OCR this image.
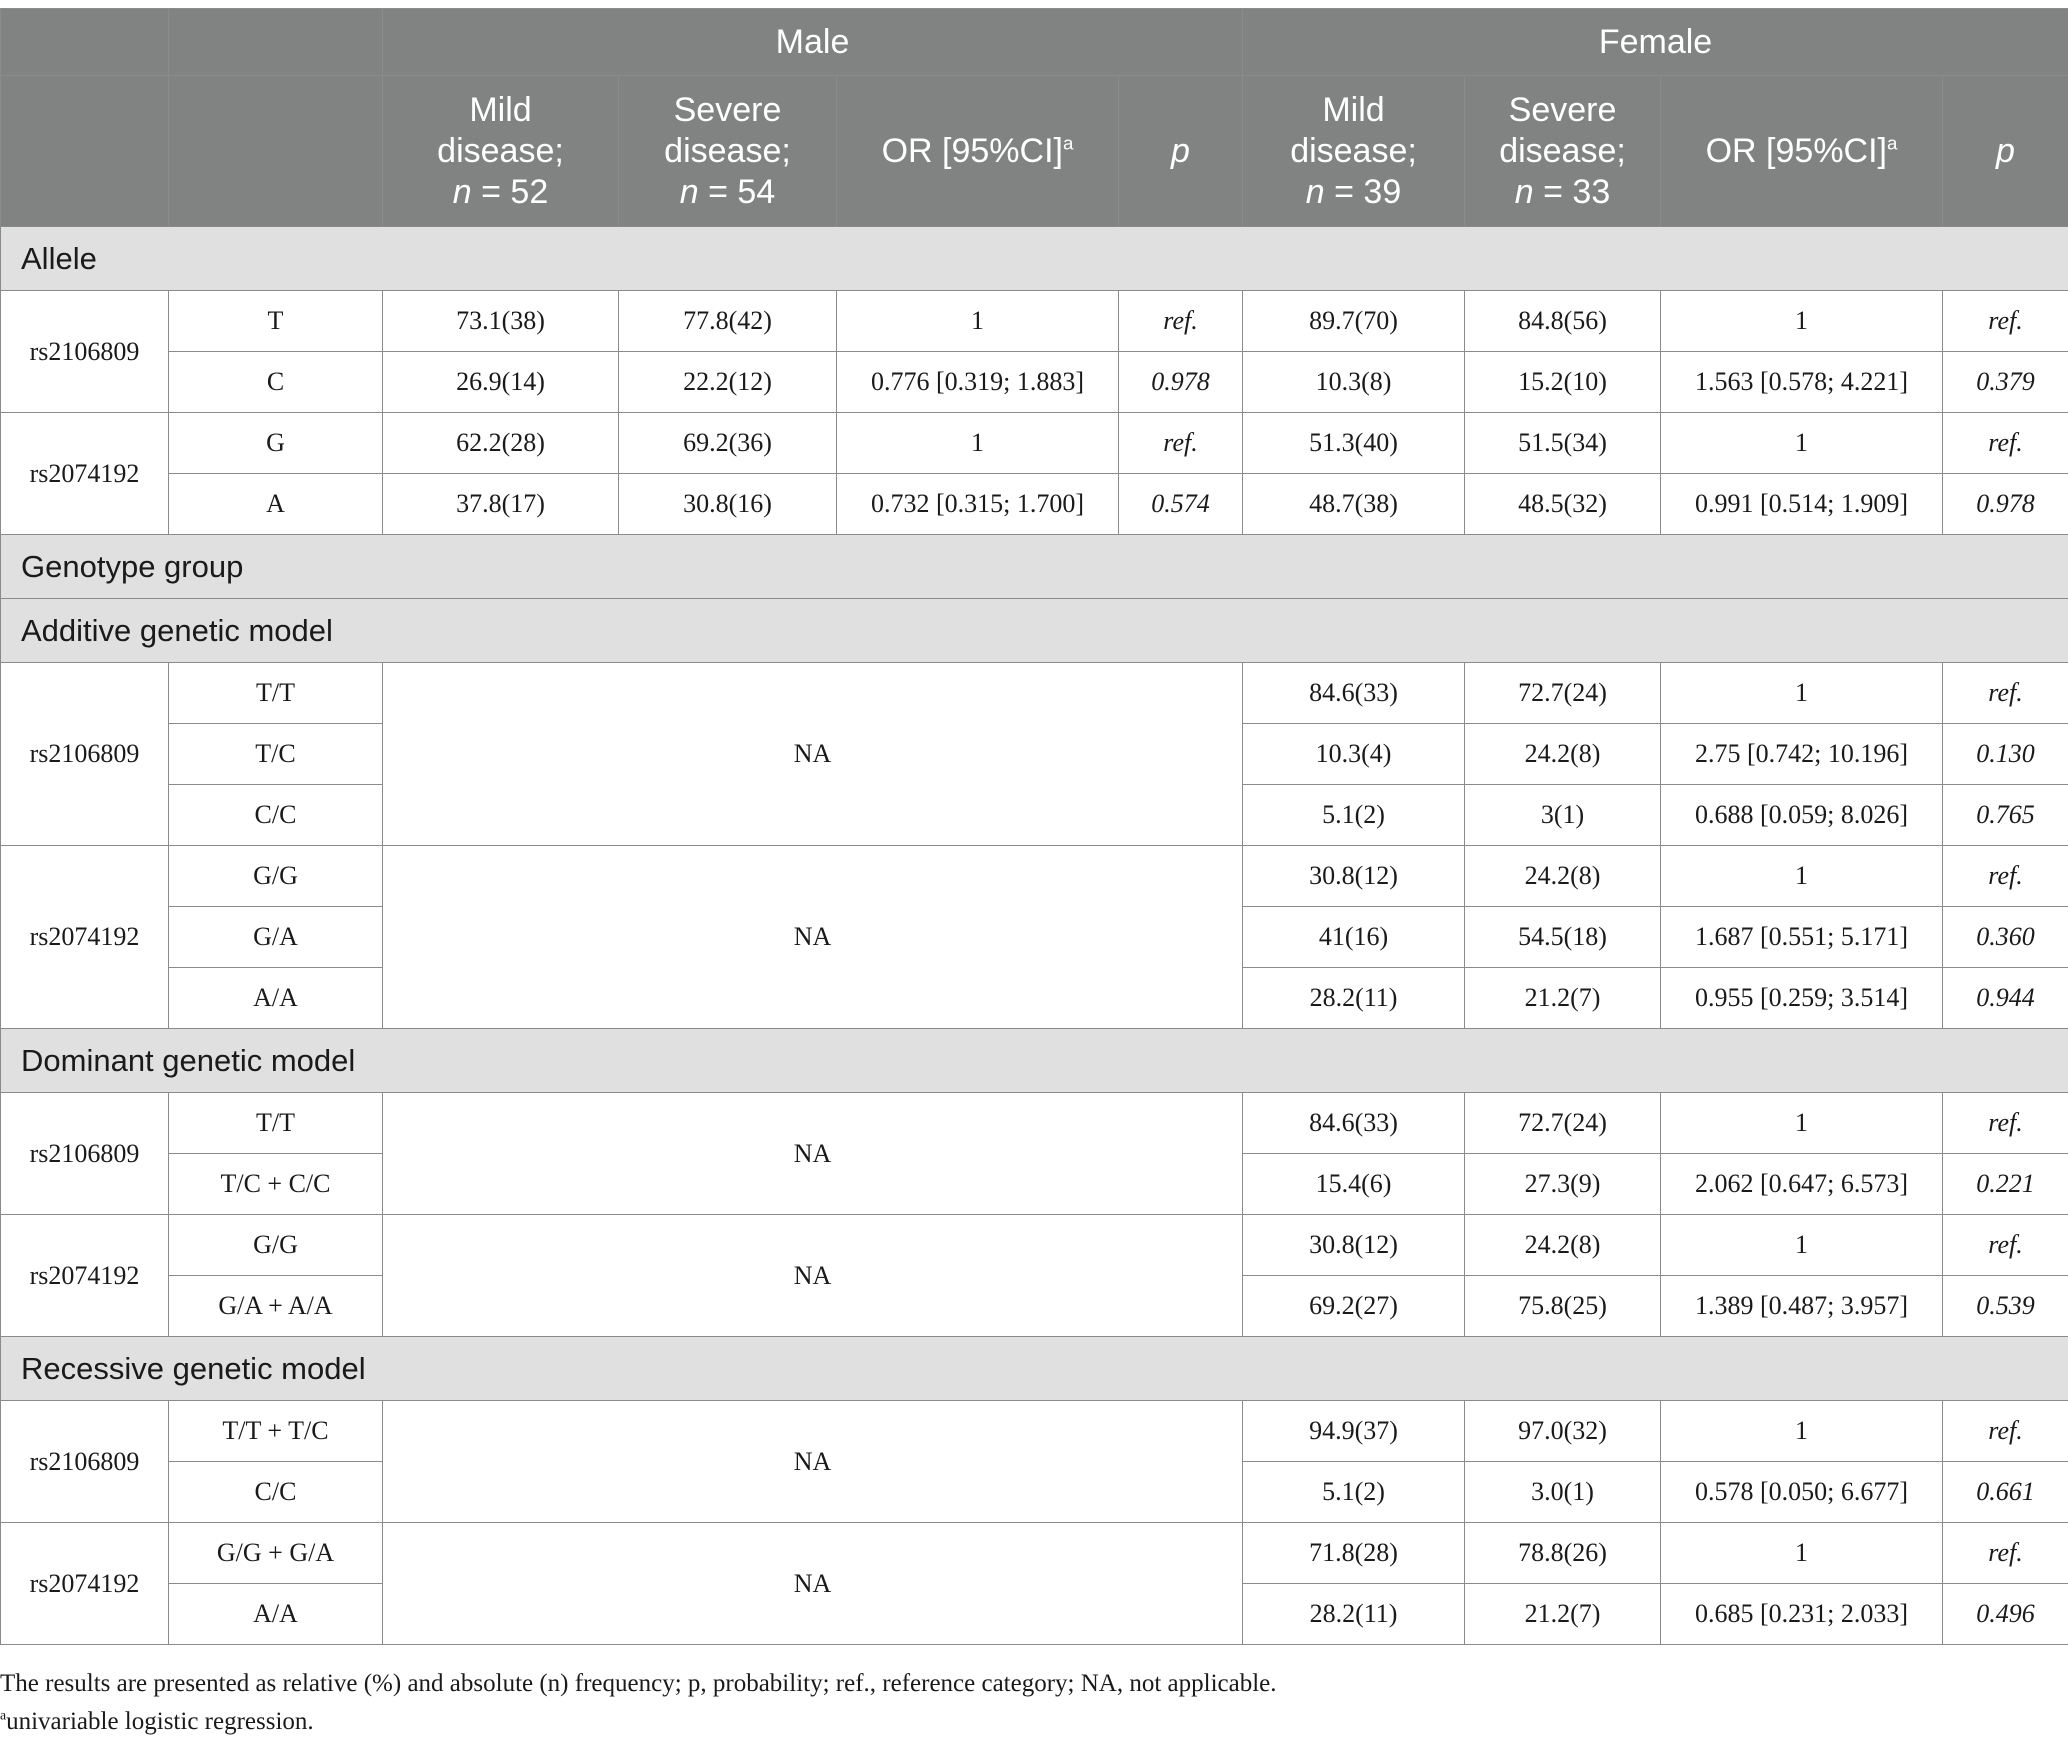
		Male				Female			
		Mild
disease;
n = 52	Severe
disease;
n = 54	OR $[95\%CI]^a$	p	Mild
disease;
n = 39	Severe
disease;
n = 33	OR $[95\%CI]^a$	p
Allele									
rs2106809	T	73.1(38)	77.8(42)	1	ref.	89.7(70)	84.8(56)	1	ref.
	C	26.9(14)	22.2(12)	0.776 [0.319; 1.883]	0.978	10.3(8)	15.2(10)	1.563 [0.578; 4.221]	0.379
rs2074192	G	62.2(28)	69.2(36)	1	ref.	51.3(40)	51.5(34)	1	ref.
	A	37.8(17)	30.8(16)	0.732 [0.315; 1.700]	0.574	48.7(38)	48.5(32)	0.991 [0.514; 1.909]	0.978
Genotype group									
Additive genetic model									
rs2106809	T/T	NA				84.6(33)	72.7(24)	1	ref.
	T/C					10.3(4)	24.2(8)	2.75 [0.742; 10.196]	0.130
	C/C					5.1(2)	3(1)	0.688 [0.059; 8.026]	0.765
rs2074192	G/G	NA				30.8(12)	24.2(8)	1	ref.
	G/A					41(16)	54.5(18)	1.687 [0.551; 5.171]	0.360
	A/A					28.2(11)	21.2(7)	0.955 [0.259; 3.514]	0.944
Dominant genetic model									
rs2106809	T/T	NA				84.6(33)	72.7(24)	1	ref.
	T/C + C/C					15.4(6)	27.3(9)	2.062 [0.647; 6.573]	0.221
rs2074192	G/G	NA				30.8(12)	24.2(8)	1	ref.
	G/A + A/A					69.2(27)	75.8(25)	1.389 [0.487; 3.957]	0.539
Recessive genetic model									
rs2106809	T/T + T/C	NA				94.9(37)	97.0(32)	1	ref.
	C/C					5.1(2)	3.0(1)	0.578 [0.050; 6.677]	0.661
rs2074192	G/G + G/A	NA				71.8(28)	78.8(26)	1	ref.
	A/A					28.2(11)	21.2(7)	0.685 [0.231; 2.033]	0.496

The results are presented as relative (%) and absolute (n) frequency; p, probability; ref., reference category; NA, not applicable.

$^a$univariable logistic regression.
